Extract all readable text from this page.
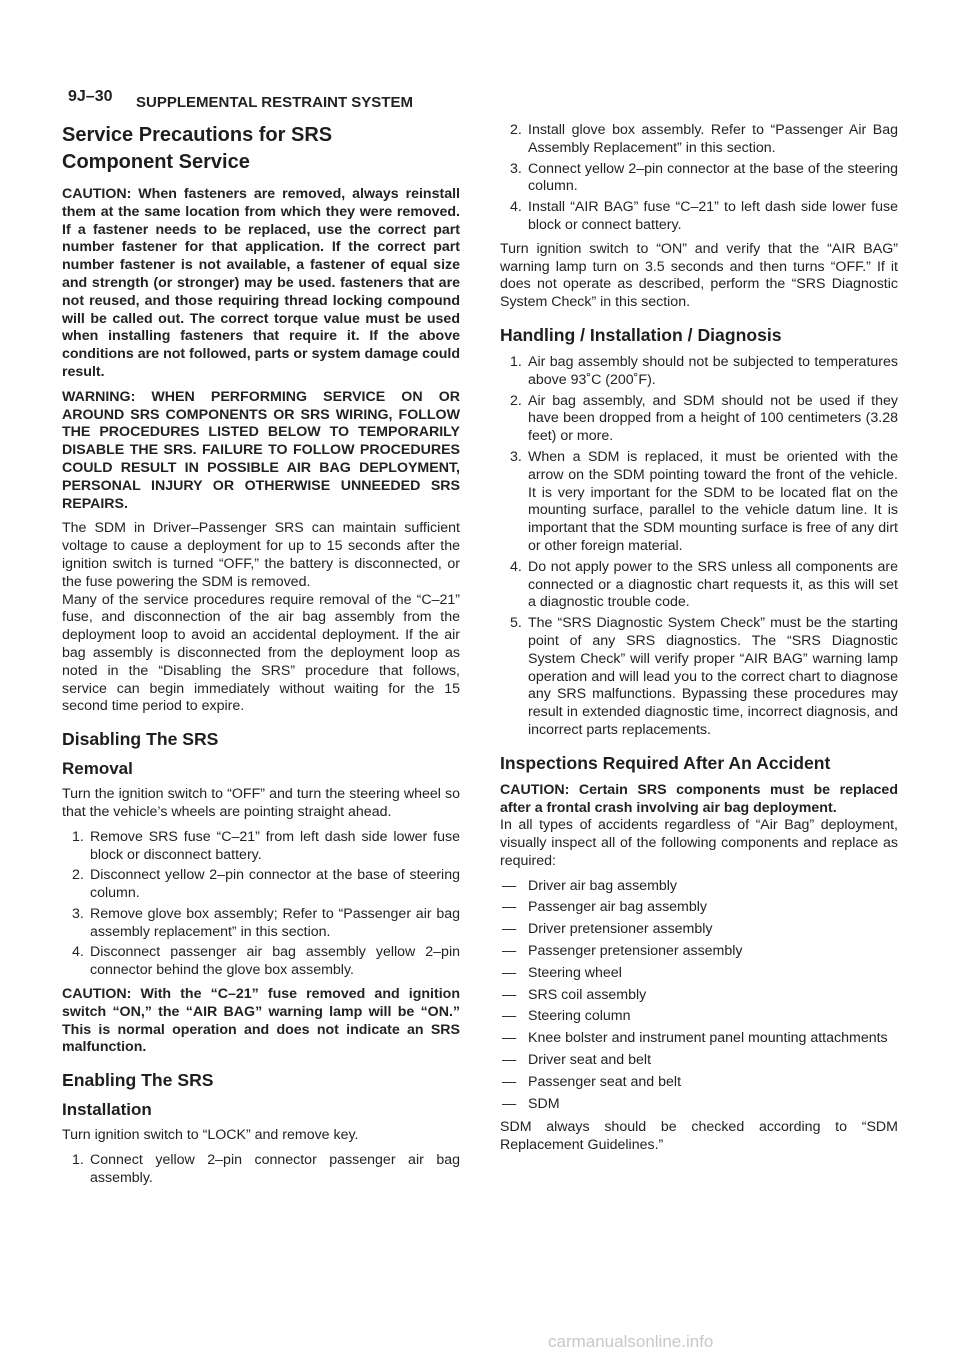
9J–30 SUPPLEMENTAL RESTRAINT SYSTEM
Service Precautions for SRS
Component Service

CAUTION: When fasteners are removed, always reinstall them at the same location from which they were removed. If a fastener needs to be replaced, use the correct part number fastener for that application. If the correct part number fastener is not available, a fastener of equal size and strength (or stronger) may be used. fasteners that are not reused, and those requiring thread locking compound will be called out. The correct torque value must be used when installing fasteners that require it. If the above conditions are not followed, parts or system damage could result.

WARNING: WHEN PERFORMING SERVICE ON OR AROUND SRS COMPONENTS OR SRS WIRING, FOLLOW THE PROCEDURES LISTED BELOW TO TEMPORARILY DISABLE THE SRS. FAILURE TO FOLLOW PROCEDURES COULD RESULT IN POSSIBLE AIR BAG DEPLOYMENT, PERSONAL INJURY OR OTHERWISE UNNEEDED SRS REPAIRS.

The SDM in Driver–Passenger SRS can maintain sufficient voltage to cause a deployment for up to 15 seconds after the ignition switch is turned “OFF,” the battery is disconnected, or the fuse powering the SDM is removed.

Many of the service procedures require removal of the “C–21” fuse, and disconnection of the air bag assembly from the deployment loop to avoid an accidental deployment. If the air bag assembly is disconnected from the deployment loop as noted in the “Disabling the SRS” procedure that follows, service can begin immediately without waiting for the 15 second time period to expire.

Disabling The SRS
Removal

Turn the ignition switch to “OFF” and turn the steering wheel so that the vehicle’s wheels are pointing straight ahead.

1. Remove SRS fuse “C–21” from left dash side lower fuse block or disconnect battery.
2. Disconnect yellow 2–pin connector at the base of steering column.
3. Remove glove box assembly; Refer to “Passenger air bag assembly replacement” in this section.
4. Disconnect passenger air bag assembly yellow 2–pin connector behind the glove box assembly.

CAUTION: With the “C–21” fuse removed and ignition switch “ON,” the “AIR BAG” warning lamp will be “ON.” This is normal operation and does not indicate an SRS malfunction.

Enabling The SRS
Installation

Turn ignition switch to “LOCK” and remove key.

1. Connect yellow 2–pin connector passenger air bag assembly.
2. Install glove box assembly. Refer to “Passenger Air Bag Assembly Replacement” in this section.
3. Connect yellow 2–pin connector at the base of the steering column.
4. Install “AIR BAG” fuse “C–21” to left dash side lower fuse block or connect battery.

Turn ignition switch to “ON” and verify that the “AIR BAG” warning lamp turn on 3.5 seconds and then turns “OFF.” If it does not operate as described, perform the “SRS Diagnostic System Check” in this section.

Handling / Installation / Diagnosis
1. Air bag assembly should not be subjected to temperatures above 93˚C (200˚F).
2. Air bag assembly, and SDM should not be used if they have been dropped from a height of 100 centimeters (3.28 feet) or more.
3. When a SDM is replaced, it must be oriented with the arrow on the SDM pointing toward the front of the vehicle. It is very important for the SDM to be located flat on the mounting surface, parallel to the vehicle datum line. It is important that the SDM mounting surface is free of any dirt or other foreign material.
4. Do not apply power to the SRS unless all components are connected or a diagnostic chart requests it, as this will set a diagnostic trouble code.
5. The “SRS Diagnostic System Check” must be the starting point of any SRS diagnostics. The “SRS Diagnostic System Check” will verify proper “AIR BAG” warning lamp operation and will lead you to the correct chart to diagnose any SRS malfunctions. Bypassing these procedures may result in extended diagnostic time, incorrect diagnosis, and incorrect parts replacements.
Inspections Required After An Accident

CAUTION: Certain SRS components must be replaced after a frontal crash involving air bag deployment.

In all types of accidents regardless of “Air Bag” deployment, visually inspect all of the following components and replace as required:

— Driver air bag assembly
— Passenger air bag assembly
— Driver pretensioner assembly
— Passenger pretensioner assembly
— Steering wheel
— SRS coil assembly
— Steering column
— Knee bolster and instrument panel mounting attachments
— Driver seat and belt
— Passenger seat and belt
— SDM

SDM always should be checked according to “SDM Replacement Guidelines.”

carmanualsonline.info
